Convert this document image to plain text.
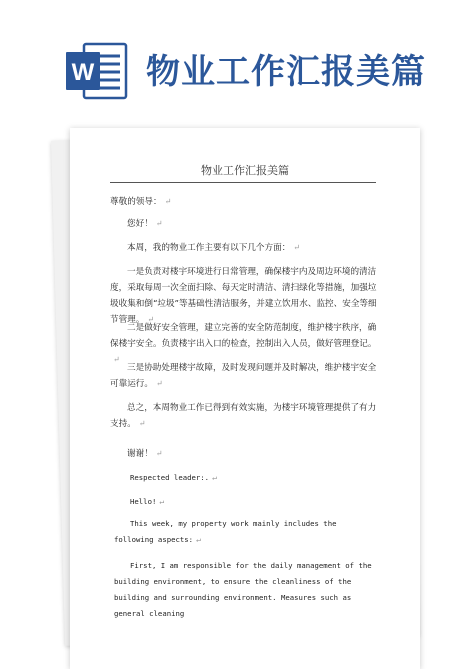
W 物业工作汇报美篇
物业工作汇报美篇

尊敬的领导： ↵

您好！ ↵

本周，我的物业工作主要有以下几个方面： ↵

一是负责对楼宇环境进行日常管理，确保楼宇内及周边环境的清洁度，采取每周一次全面扫除、每天定时清洁、清扫绿化等措施，加强垃圾收集和倒“垃圾”等基础性清洁服务，并建立饮用水、监控、安全等细节管理。 ↵

二是做好安全管理，建立完善的安全防范制度，维护楼宇秩序，确保楼宇安全。负责楼宇出入口的检查，控制出入人员，做好管理登记。↵

三是协助处理楼宇故障，及时发现问题并及时解决，维护楼宇安全可靠运行。 ↵

总之，本周物业工作已得到有效实施，为楼宇环境管理提供了有力支持。 ↵

谢谢！ ↵

Respected leader:. ↵

Hello! ↵

This week, my property work mainly includes the following aspects: ↵

First, I am responsible for the daily management of the building environment, to ensure the cleanliness of the building and surrounding environment. Measures such as general cleaning
